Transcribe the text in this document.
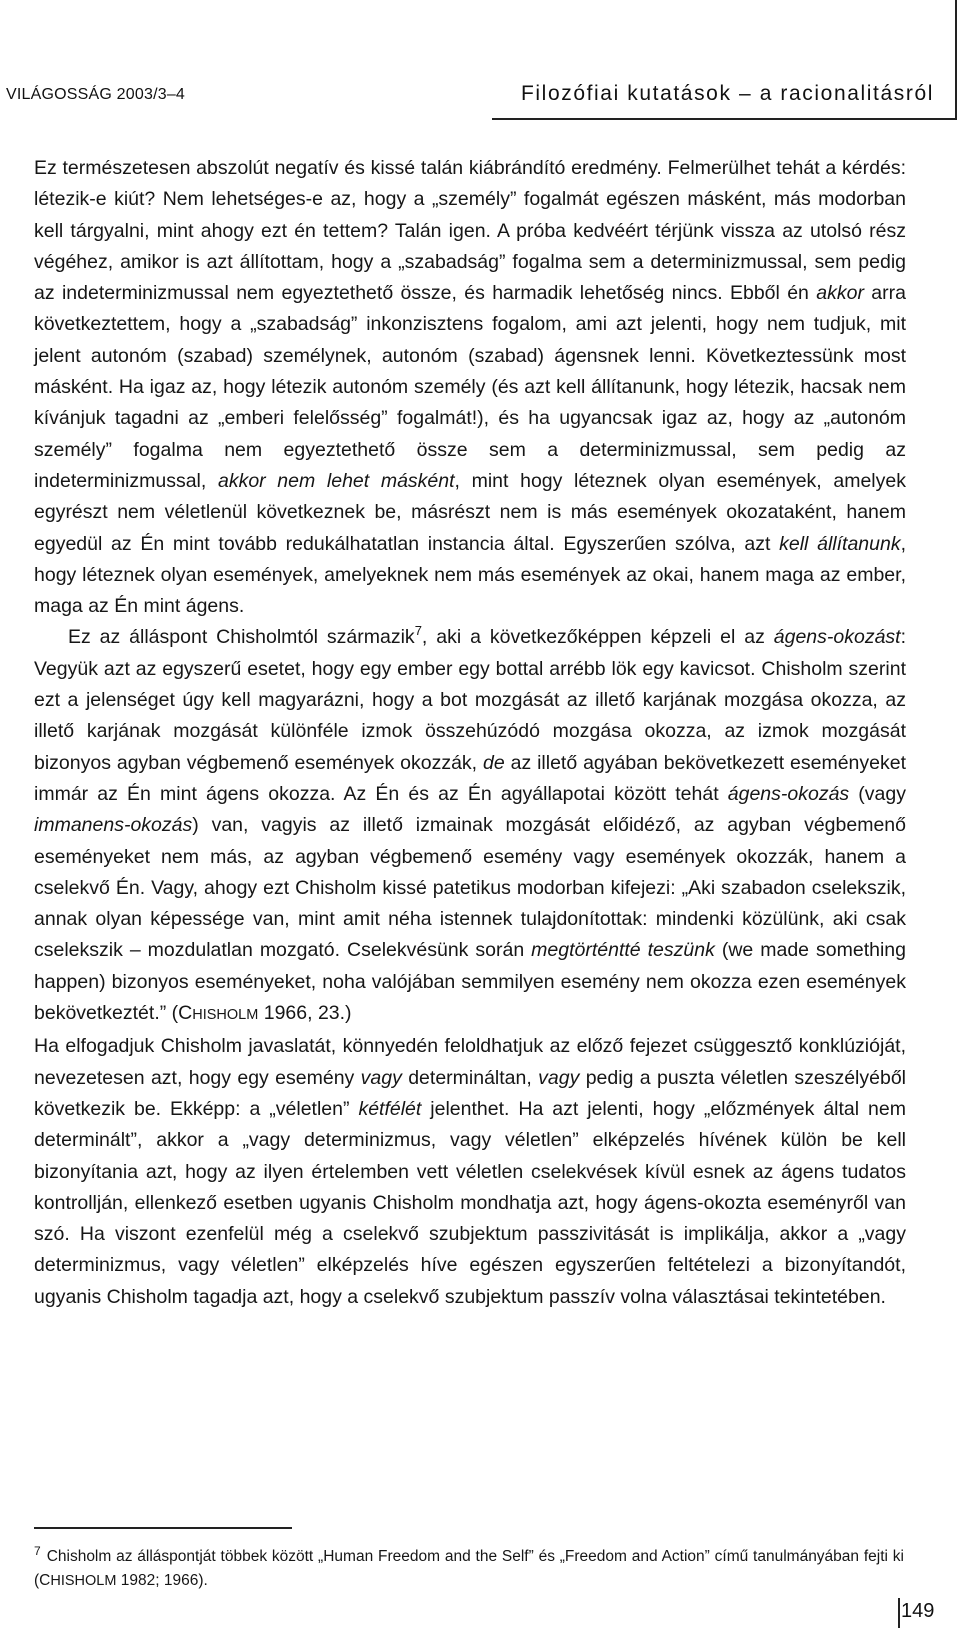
VILÁGOSSÁG 2003/3–4	Filozófiai kutatások – a racionalitásról

Ez természetesen abszolút negatív és kissé talán kiábrándító eredmény. Felmerülhet tehát a kérdés: létezik-e kiút? Nem lehetséges-e az, hogy a „személy” fogalmát egészen másként, más modorban kell tárgyalni, mint ahogy ezt én tettem? Talán igen. A próba kedvéért térjünk vissza az utolsó rész végéhez, amikor is azt állítottam, hogy a „szabadság” fogalma sem a determinizmussal, sem pedig az indeterminizmussal nem egyeztethető össze, és harmadik lehetőség nincs. Ebből én akkor arra következtettem, hogy a „szabadság” inkonzisztens fogalom, ami azt jelenti, hogy nem tudjuk, mit jelent autonóm (szabad) személynek, autonóm (szabad) ágensnek lenni. Következtessünk most másként. Ha igaz az, hogy létezik autonóm személy (és azt kell állítanunk, hogy létezik, hacsak nem kívánjuk tagadni az „emberi felelősség” fogalmát!), és ha ugyancsak igaz az, hogy az „autonóm személy” fogalma nem egyeztethető össze sem a determinizmussal, sem pedig az indeterminizmussal, akkor nem lehet másként, mint hogy léteznek olyan események, amelyek egyrészt nem véletlenül következnek be, másrészt nem is más események okozataként, hanem egyedül az Én mint tovább redukálhatatlan instancia által. Egyszerűen szólva, azt kell állítanunk, hogy léteznek olyan események, amelyeknek nem más események az okai, hanem maga az ember, maga az Én mint ágens.

Ez az álláspont Chisholmtól származik$^7$, aki a következőképpen képzeli el az ágens-okozást: Vegyük azt az egyszerű esetet, hogy egy ember egy bottal arrébb lök egy kavicsot. Chisholm szerint ezt a jelenséget úgy kell magyarázni, hogy a bot mozgását az illető karjának mozgása okozza, az illető karjának mozgását különféle izmok összehúzódó mozgása okozza, az izmok mozgását bizonyos agyban végbemenő események okozzák, de az illető agyában bekövetkezett eseményeket immár az Én mint ágens okozza. Az Én és az Én agyállapotai között tehát ágens-okozás (vagy immanens-okozás) van, vagyis az illető izmainak mozgását előidéző, az agyban végbemenő eseményeket nem más, az agyban végbemenő esemény vagy események okozzák, hanem a cselekvő Én. Vagy, ahogy ezt Chisholm kissé patetikus modorban kifejezi: „Aki szabadon cselekszik, annak olyan képessége van, mint amit néha istennek tulajdonítottak: mindenki közülünk, aki csak cselekszik – mozdulatlan mozgató. Cselekvésünk során megtörténtté teszünk (we made something happen) bizonyos eseményeket, noha valójában semmilyen esemény nem okozza ezen események bekövetkeztét.” (CHISHOLM 1966, 23.)

Ha elfogadjuk Chisholm javaslatát, könnyedén feloldhatjuk az előző fejezet csüggesztő konklúzióját, nevezetesen azt, hogy egy esemény vagy determináltan, vagy pedig a puszta véletlen szeszélyéből következik be. Ekképp: a „véletlen” kétfélét jelenthet. Ha azt jelenti, hogy „előzmények által nem determinált”, akkor a „vagy determinizmus, vagy véletlen” elképzelés hívének külön be kell bizonyítania azt, hogy az ilyen értelemben vett véletlen cselekvések kívül esnek az ágens tudatos kontrollján, ellenkező esetben ugyanis Chisholm mondhatja azt, hogy ágens-okozta eseményről van szó. Ha viszont ezenfelül még a cselekvő szubjektum passzivitását is implikálja, akkor a „vagy determinizmus, vagy véletlen” elképzelés híve egészen egyszerűen feltételezi a bizonyítandót, ugyanis Chisholm tagadja azt, hogy a cselekvő szubjektum passzív volna választásai tekintetében.

$^7$ Chisholm az álláspontját többek között „Human Freedom and the Self” és „Freedom and Action” című tanulmányában fejti ki (CHISHOLM 1982; 1966).
149
